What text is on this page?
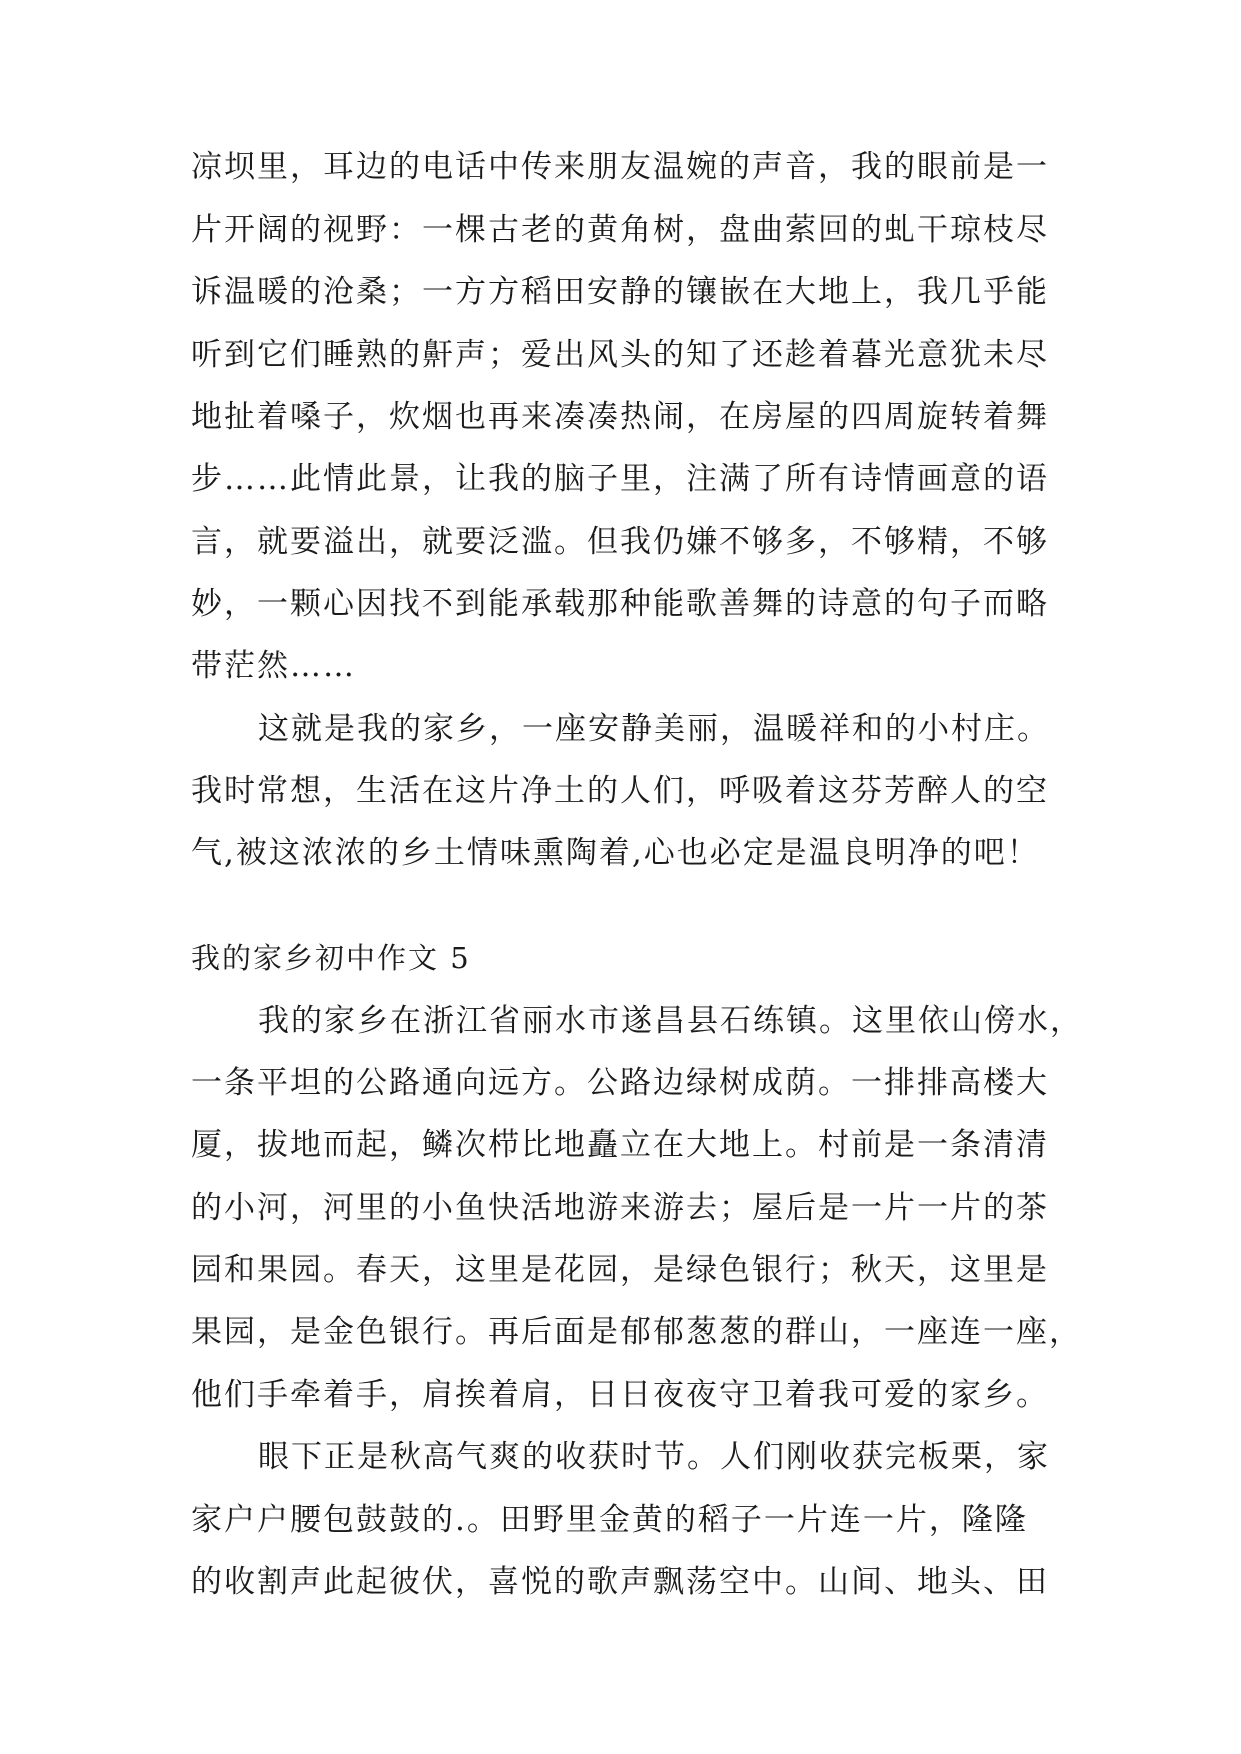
凉坝里，耳边的电话中传来朋友温婉的声音，我的眼前是一
片开阔的视野：一棵古老的黄角树，盘曲萦回的虬干琼枝尽
诉温暖的沧桑；一方方稻田安静的镶嵌在大地上，我几乎能
听到它们睡熟的鼾声；爱出风头的知了还趁着暮光意犹未尽
地扯着嗓子，炊烟也再来凑凑热闹，在房屋的四周旋转着舞
步……此情此景，让我的脑子里，注满了所有诗情画意的语
言，就要溢出，就要泛滥。但我仍嫌不够多，不够精，不够
妙，一颗心因找不到能承载那种能歌善舞的诗意的句子而略
带茫然……
这就是我的家乡，一座安静美丽，温暖祥和的小村庄。
我时常想，生活在这片净土的人们，呼吸着这芬芳醉人的空
气,被这浓浓的乡土情味熏陶着,心也必定是温良明净的吧！
我的家乡初中作文 5
我的家乡在浙江省丽水市遂昌县石练镇。这里依山傍水，
一条平坦的公路通向远方。公路边绿树成荫。一排排高楼大
厦，拔地而起，鳞次栉比地矗立在大地上。村前是一条清清
的小河，河里的小鱼快活地游来游去；屋后是一片一片的茶
园和果园。春天，这里是花园，是绿色银行；秋天，这里是
果园，是金色银行。再后面是郁郁葱葱的群山，一座连一座，
他们手牵着手，肩挨着肩，日日夜夜守卫着我可爱的家乡。
眼下正是秋高气爽的收获时节。人们刚收获完板栗，家
家户户腰包鼓鼓的.。田野里金黄的稻子一片连一片，隆隆
的收割声此起彼伏，喜悦的歌声飘荡空中。山间、地头、田
